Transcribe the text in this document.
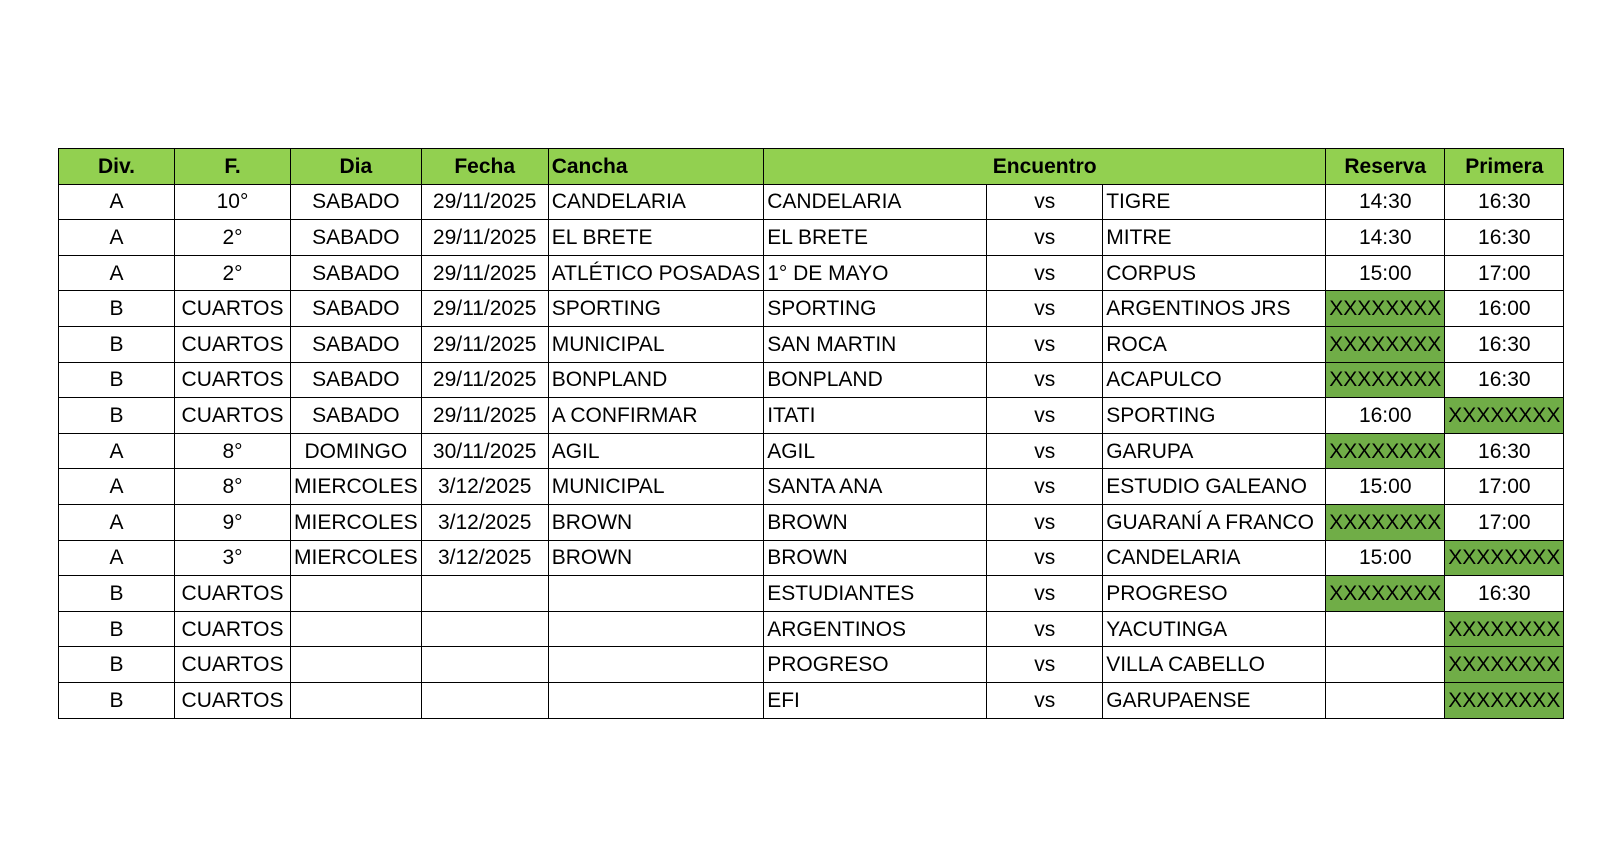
Div.	F.	Dia	Fecha	Cancha	Encuentro			Reserva	Primera
A	10°	SABADO	29/11/2025	CANDELARIA	CANDELARIA	vs	TIGRE	14:30	16:30
A	2°	SABADO	29/11/2025	EL BRETE	EL BRETE	vs	MITRE	14:30	16:30
A	2°	SABADO	29/11/2025	ATLÉTICO POSADAS	1° DE MAYO	vs	CORPUS	15:00	17:00
B	CUARTOS	SABADO	29/11/2025	SPORTING	SPORTING	vs	ARGENTINOS JRS	XXXXXXXX	16:00
B	CUARTOS	SABADO	29/11/2025	MUNICIPAL	SAN MARTIN	vs	ROCA	XXXXXXXX	16:30
B	CUARTOS	SABADO	29/11/2025	BONPLAND	BONPLAND	vs	ACAPULCO	XXXXXXXX	16:30
B	CUARTOS	SABADO	29/11/2025	A CONFIRMAR	ITATI	vs	SPORTING	16:00	XXXXXXXX
A	8°	DOMINGO	30/11/2025	AGIL	AGIL	vs	GARUPA	XXXXXXXX	16:30
A	8°	MIERCOLES	3/12/2025	MUNICIPAL	SANTA ANA	vs	ESTUDIO GALEANO	15:00	17:00
A	9°	MIERCOLES	3/12/2025	BROWN	BROWN	vs	GUARANÍ A FRANCO	XXXXXXXX	17:00
A	3°	MIERCOLES	3/12/2025	BROWN	BROWN	vs	CANDELARIA	15:00	XXXXXXXX
B	CUARTOS				ESTUDIANTES	vs	PROGRESO	XXXXXXXX	16:30
B	CUARTOS				ARGENTINOS	vs	YACUTINGA		XXXXXXXX
B	CUARTOS				PROGRESO	vs	VILLA CABELLO		XXXXXXXX
B	CUARTOS				EFI	vs	GARUPAENSE		XXXXXXXX
